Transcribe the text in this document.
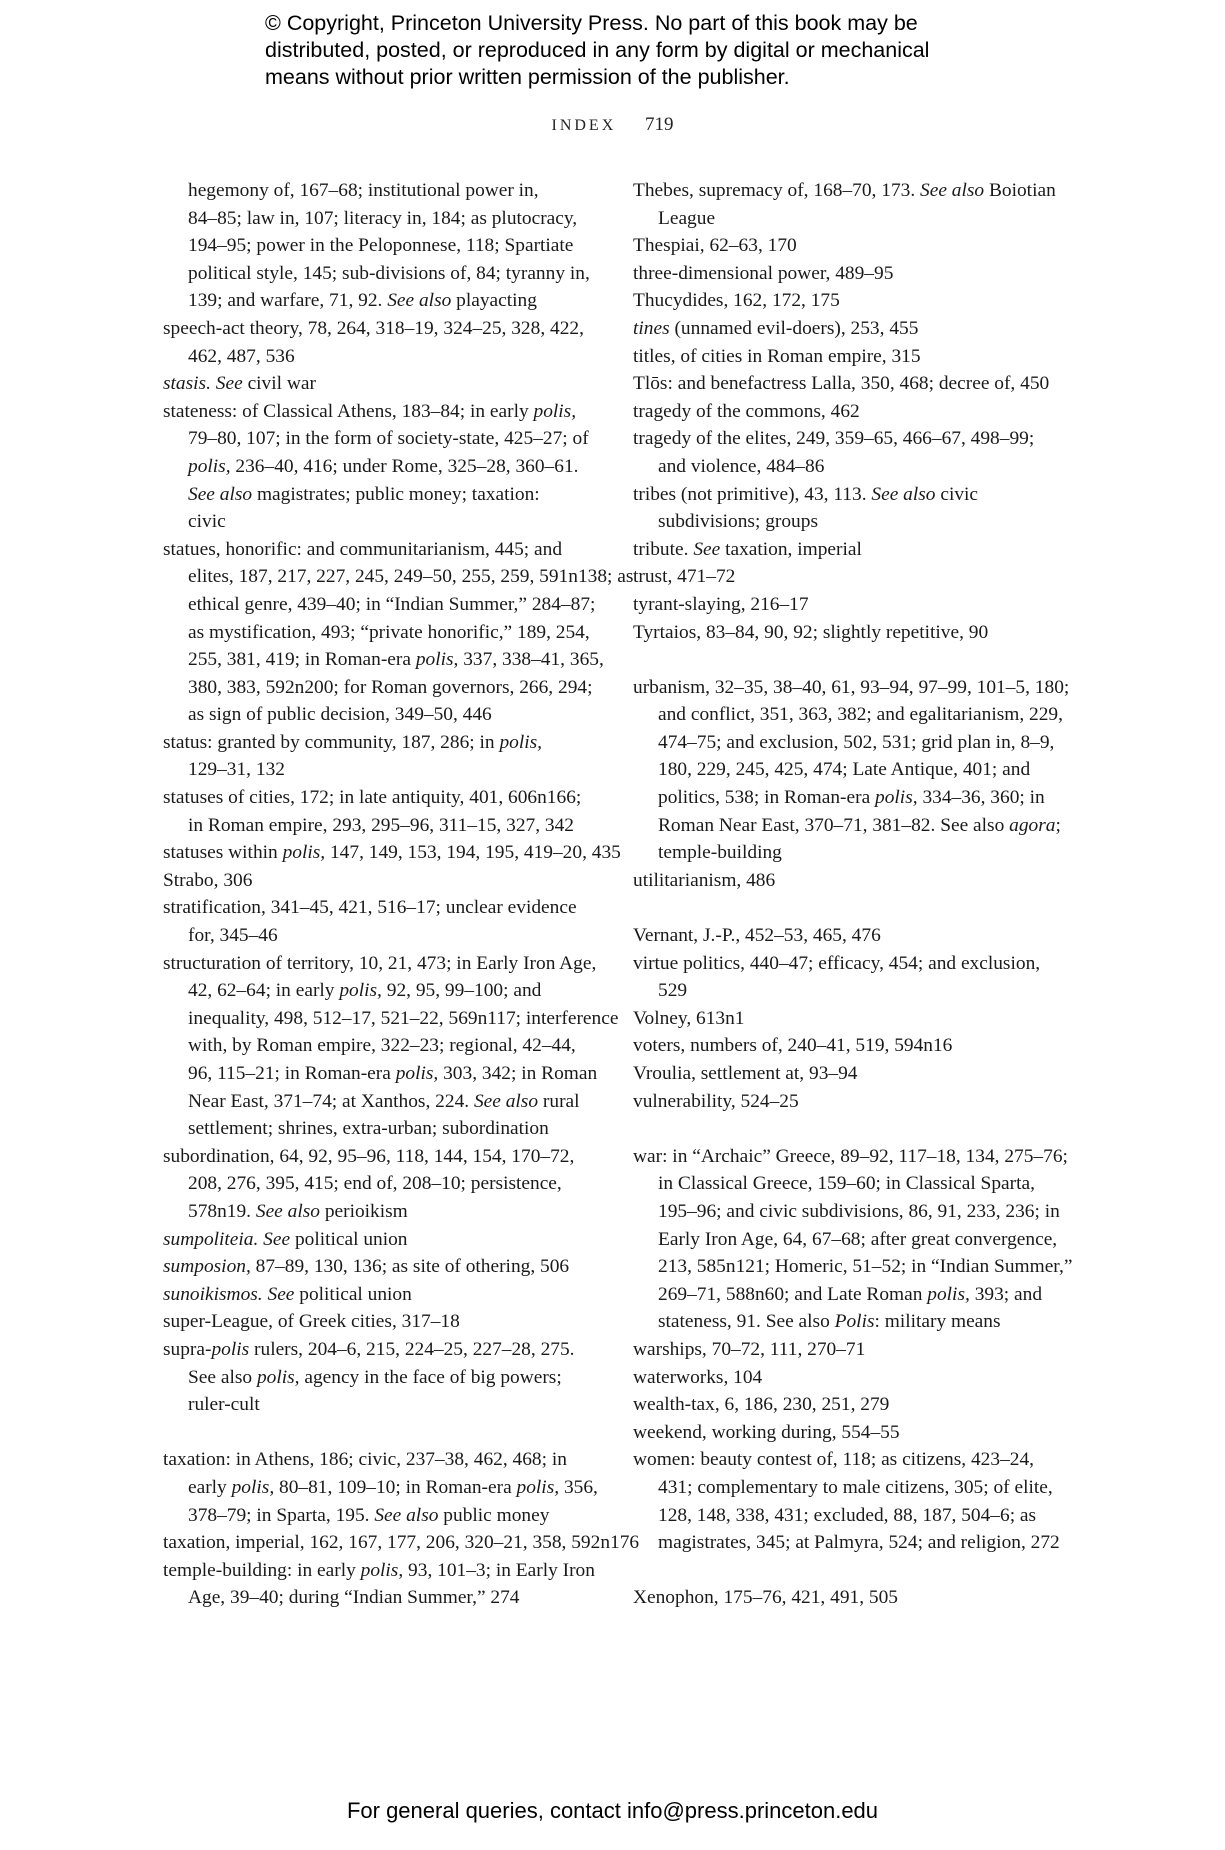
© Copyright, Princeton University Press. No part of this book may be
distributed, posted, or reproduced in any form by digital or mechanical
means without prior written permission of the publisher.
INDEX 719
hegemony of, 167–68; institutional power in,
84–85; law in, 107; literacy in, 184; as plutocracy,
194–95; power in the Peloponnese, 118; Spartiate
political style, 145; sub-divisions of, 84; tyranny in,
139; and warfare, 71, 92. See also playacting
speech-act theory, 78, 264, 318–19, 324–25, 328, 422,
462, 487, 536
stasis. See civil war
stateness: of Classical Athens, 183–84; in early polis,
79–80, 107; in the form of society-state, 425–27; of
polis, 236–40, 416; under Rome, 325–28, 360–61.
See also magistrates; public money; taxation:
civic
statues, honorific: and communitarianism, 445; and
elites, 187, 217, 227, 245, 249–50, 255, 259, 591n138; as
ethical genre, 439–40; in “Indian Summer,” 284–87;
as mystification, 493; “private honorific,” 189, 254,
255, 381, 419; in Roman-era polis, 337, 338–41, 365,
380, 383, 592n200; for Roman governors, 266, 294;
as sign of public decision, 349–50, 446
status: granted by community, 187, 286; in polis,
129–31, 132
statuses of cities, 172; in late antiquity, 401, 606n166;
in Roman empire, 293, 295–96, 311–15, 327, 342
statuses within polis, 147, 149, 153, 194, 195, 419–20, 435
Strabo, 306
stratification, 341–45, 421, 516–17; unclear evidence
for, 345–46
structuration of territory, 10, 21, 473; in Early Iron Age,
42, 62–64; in early polis, 92, 95, 99–100; and
inequality, 498, 512–17, 521–22, 569n117; interference
with, by Roman empire, 322–23; regional, 42–44,
96, 115–21; in Roman-era polis, 303, 342; in Roman
Near East, 371–74; at Xanthos, 224. See also rural
settlement; shrines, extra-urban; subordination
subordination, 64, 92, 95–96, 118, 144, 154, 170–72,
208, 276, 395, 415; end of, 208–10; persistence,
578n19. See also perioikism
sumpoliteia. See political union
sumposion, 87–89, 130, 136; as site of othering, 506
sunoikismos. See political union
super-League, of Greek cities, 317–18
supra-polis rulers, 204–6, 215, 224–25, 227–28, 275.
See also polis, agency in the face of big powers;
ruler-cult
taxation: in Athens, 186; civic, 237–38, 462, 468; in
early polis, 80–81, 109–10; in Roman-era polis, 356,
378–79; in Sparta, 195. See also public money
taxation, imperial, 162, 167, 177, 206, 320–21, 358, 592n176
temple-building: in early polis, 93, 101–3; in Early Iron
Age, 39–40; during “Indian Summer,” 274
Thebes, supremacy of, 168–70, 173. See also Boiotian
League
Thespiai, 62–63, 170
three-dimensional power, 489–95
Thucydides, 162, 172, 175
tines (unnamed evil-doers), 253, 455
titles, of cities in Roman empire, 315
Tlōs: and benefactress Lalla, 350, 468; decree of, 450
tragedy of the commons, 462
tragedy of the elites, 249, 359–65, 466–67, 498–99;
and violence, 484–86
tribes (not primitive), 43, 113. See also civic
subdivisions; groups
tribute. See taxation, imperial
trust, 471–72
tyrant-slaying, 216–17
Tyrtaios, 83–84, 90, 92; slightly repetitive, 90
urbanism, 32–35, 38–40, 61, 93–94, 97–99, 101–5, 180;
and conflict, 351, 363, 382; and egalitarianism, 229,
474–75; and exclusion, 502, 531; grid plan in, 8–9,
180, 229, 245, 425, 474; Late Antique, 401; and
politics, 538; in Roman-era polis, 334–36, 360; in
Roman Near East, 370–71, 381–82. See also agora;
temple-building
utilitarianism, 486
Vernant, J.-P., 452–53, 465, 476
virtue politics, 440–47; efficacy, 454; and exclusion,
529
Volney, 613n1
voters, numbers of, 240–41, 519, 594n16
Vroulia, settlement at, 93–94
vulnerability, 524–25
war: in “Archaic” Greece, 89–92, 117–18, 134, 275–76;
in Classical Greece, 159–60; in Classical Sparta,
195–96; and civic subdivisions, 86, 91, 233, 236; in
Early Iron Age, 64, 67–68; after great convergence,
213, 585n121; Homeric, 51–52; in “Indian Summer,”
269–71, 588n60; and Late Roman polis, 393; and
stateness, 91. See also Polis: military means
warships, 70–72, 111, 270–71
waterworks, 104
wealth-tax, 6, 186, 230, 251, 279
weekend, working during, 554–55
women: beauty contest of, 118; as citizens, 423–24,
431; complementary to male citizens, 305; of elite,
128, 148, 338, 431; excluded, 88, 187, 504–6; as
magistrates, 345; at Palmyra, 524; and religion, 272
Xenophon, 175–76, 421, 491, 505
For general queries, contact info@press.princeton.edu
